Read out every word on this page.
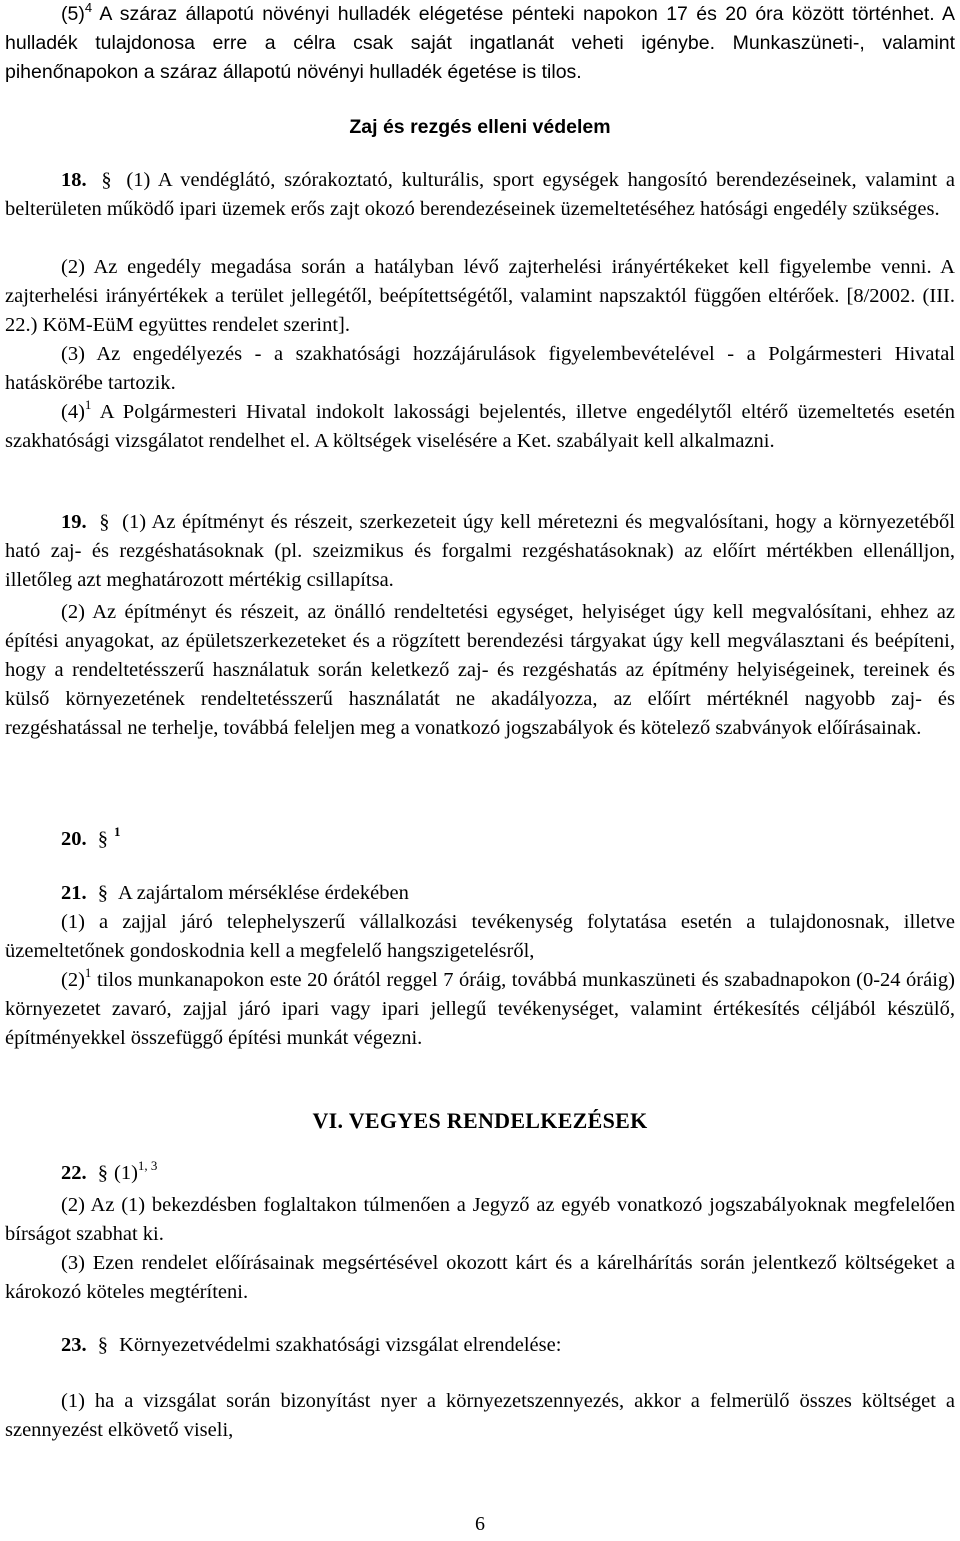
$(5)^4$ A száraz állapotú növényi hulladék elégetése pénteki napokon 17 és 20 óra között történhet. A hulladék tulajdonosa erre a célra csak saját ingatlanát veheti igénybe. Munkaszüneti-, valamint pihenőnapokon a száraz állapotú növényi hulladék égetése is tilos.

Zaj és rezgés elleni védelem

18. § (1) A vendéglátó, szórakoztató, kulturális, sport egységek hangosító berendezéseinek, valamint a belterületen működő ipari üzemek erős zajt okozó berendezéseinek üzemeltetéséhez hatósági engedély szükséges.
(2) Az engedély megadása során a hatályban lévő zajterhelési irányértékeket kell figyelembe venni. A zajterhelési irányértékek a terület jellegétől, beépítettségétől, valamint napszaktól függően eltérőek. [8/2002. (III. 22.) KöM-EüM együttes rendelet szerint].
(3) Az engedélyezés - a szakhatósági hozzájárulások figyelembevételével - a Polgármesteri Hivatal hatáskörébe tartozik.
$(4)^1$ A Polgármesteri Hivatal indokolt lakossági bejelentés, illetve engedélytől eltérő üzemeltetés esetén szakhatósági vizsgálatot rendelhet el. A költségek viselésére a Ket. szabályait kell alkalmazni.
19. § (1) Az építményt és részeit, szerkezeteit úgy kell méretezni és megvalósítani, hogy a környezetéből ható zaj- és rezgéshatásoknak (pl. szeizmikus és forgalmi rezgéshatásoknak) az előírt mértékben ellenálljon, illetőleg azt meghatározott mértékig csillapítsa.
(2) Az építményt és részeit, az önálló rendeltetési egységet, helyiséget úgy kell megvalósítani, ehhez az építési anyagokat, az épületszerkezeteket és a rögzített berendezési tárgyakat úgy kell megválasztani és beépíteni, hogy a rendeltetésszerű használatuk során keletkező zaj- és rezgéshatás az építmény helyiségeinek, tereinek és külső környezetének rendeltetésszerű használatát ne akadályozza, az előírt mértéknél nagyobb zaj- és rezgéshatással ne terhelje, továbbá feleljen meg a vonatkozó jogszabályok és kötelező szabványok előírásainak.
20. § $^1$
21. § A zajártalom mérséklése érdekében
(1) a zajjal járó telephelyszerű vállalkozási tevékenység folytatása esetén a tulajdonosnak, illetve üzemeltetőnek gondoskodnia kell a megfelelő hangszigetelésről,
$(2)^1$ tilos munkanapokon este 20 órától reggel 7 óráig, továbbá munkaszüneti és szabadnapokon (0-24 óráig) környezetet zavaró, zajjal járó ipari vagy ipari jellegű tevékenységet, valamint értékesítés céljából készülő, építményekkel összefüggő építési munkát végezni.

VI. VEGYES RENDELKEZÉSEK

22. § $(1)^{1, 3}$
(2) Az (1) bekezdésben foglaltakon túlmenően a Jegyző az egyéb vonatkozó jogszabályoknak megfelelően bírságot szabhat ki.
(3) Ezen rendelet előírásainak megsértésével okozott kárt és a kárelhárítás során jelentkező költségeket a károkozó köteles megtéríteni.
23. § Környezetvédelmi szakhatósági vizsgálat elrendelése:
(1) ha a vizsgálat során bizonyítást nyer a környezetszennyezés, akkor a felmerülő összes költséget a szennyezést elkövető viseli,
6
